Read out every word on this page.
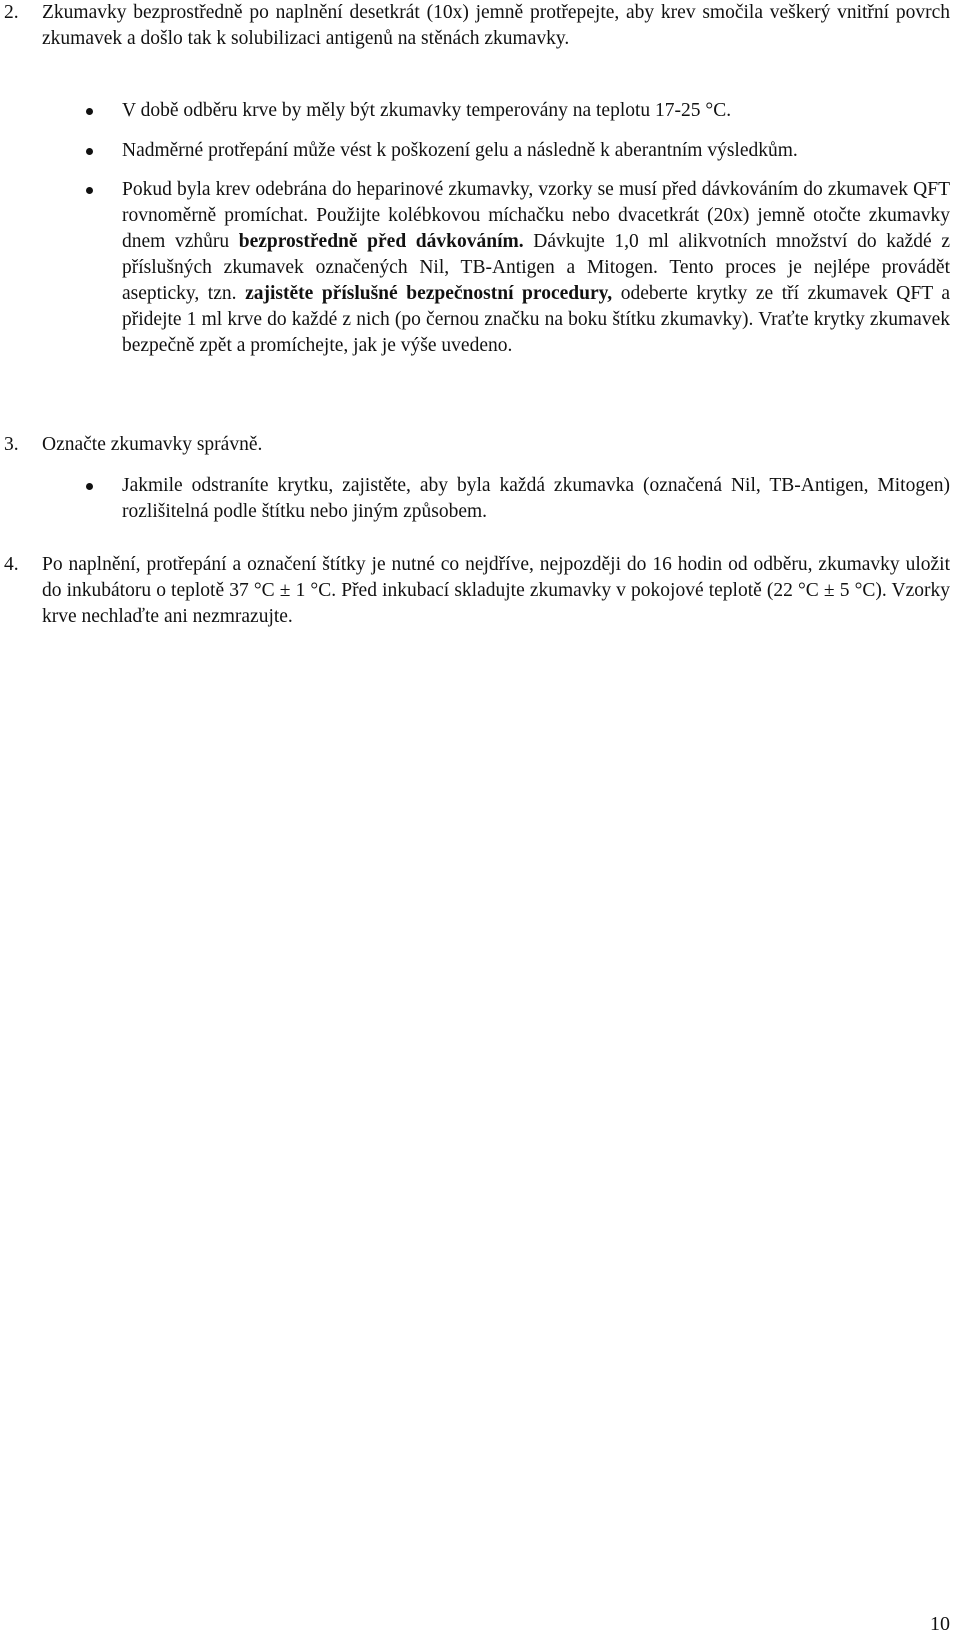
2.	Zkumavky bezprostředně po naplnění desetkrát (10x) jemně protřepejte, aby krev smočila veškerý vnitřní povrch zkumavek a došlo tak k solubilizaci antigenů na stěnách zkumavky.
V době odběru krve by měly být zkumavky temperovány na teplotu 17-25 °C.
Nadměrné protřepání může vést k poškození gelu a následně k aberantním výsledkům.
Pokud byla krev odebrána do heparinové zkumavky, vzorky se musí před dávkováním do zkumavek QFT rovnoměrně promíchat. Použijte kolébkovou míchačku nebo dvacetkrát (20x) jemně otočte zkumavky dnem vzhůru bezprostředně před dávkováním. Dávkujte 1,0 ml alikvotních množství do každé z příslušných zkumavek označených Nil, TB-Antigen a Mitogen. Tento proces je nejlépe provádět asepticky, tzn. zajistěte příslušné bezpečnostní procedury, odeberte krytky ze tří zkumavek QFT a přidejte 1 ml krve do každé z nich (po černou značku na boku štítku zkumavky). Vraťte krytky zkumavek bezpečně zpět a promíchejte, jak je výše uvedeno.
3.	Označte zkumavky správně.
Jakmile odstraníte krytku, zajistěte, aby byla každá zkumavka (označená Nil, TB-Antigen, Mitogen) rozlišitelná podle štítku nebo jiným způsobem.
4.	Po naplnění, protřepání a označení štítky je nutné co nejdříve, nejpozději do 16 hodin od odběru, zkumavky uložit do inkubátoru o teplotě 37 °C ± 1 °C. Před inkubací skladujte zkumavky v pokojové teplotě (22 °C ± 5 °C). Vzorky krve nechlaďte ani nezmrazujte.
10
